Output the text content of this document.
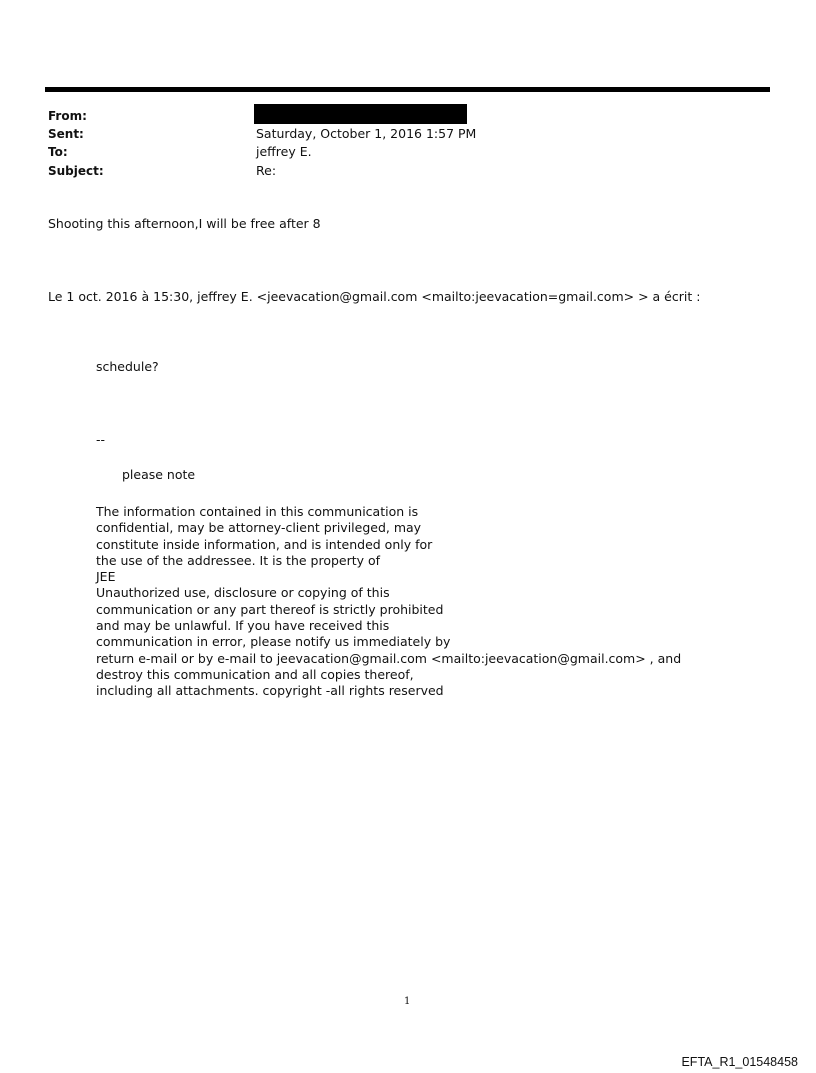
From:
Sent:	Saturday, October 1, 2016 1:57 PM
To:	jeffrey E.
Subject:	Re:
Shooting this afternoon,I will be free after 8
Le 1 oct. 2016 à 15:30, jeffrey E. <jeevacation@gmail.com <mailto:jeevacation=gmail.com> > a écrit :
schedule?
--
please note
The information contained in this communication is
confidential, may be attorney-client privileged, may
constitute inside information, and is intended only for
the use of the addressee. It is the property of
JEE
Unauthorized use, disclosure or copying of this
communication or any part thereof is strictly prohibited
and may be unlawful. If you have received this
communication in error, please notify us immediately by
return e-mail or by e-mail to jeevacation@gmail.com <mailto:jeevacation@gmail.com> , and
destroy this communication and all copies thereof,
including all attachments. copyright -all rights reserved
1
EFTA_R1_01548458
